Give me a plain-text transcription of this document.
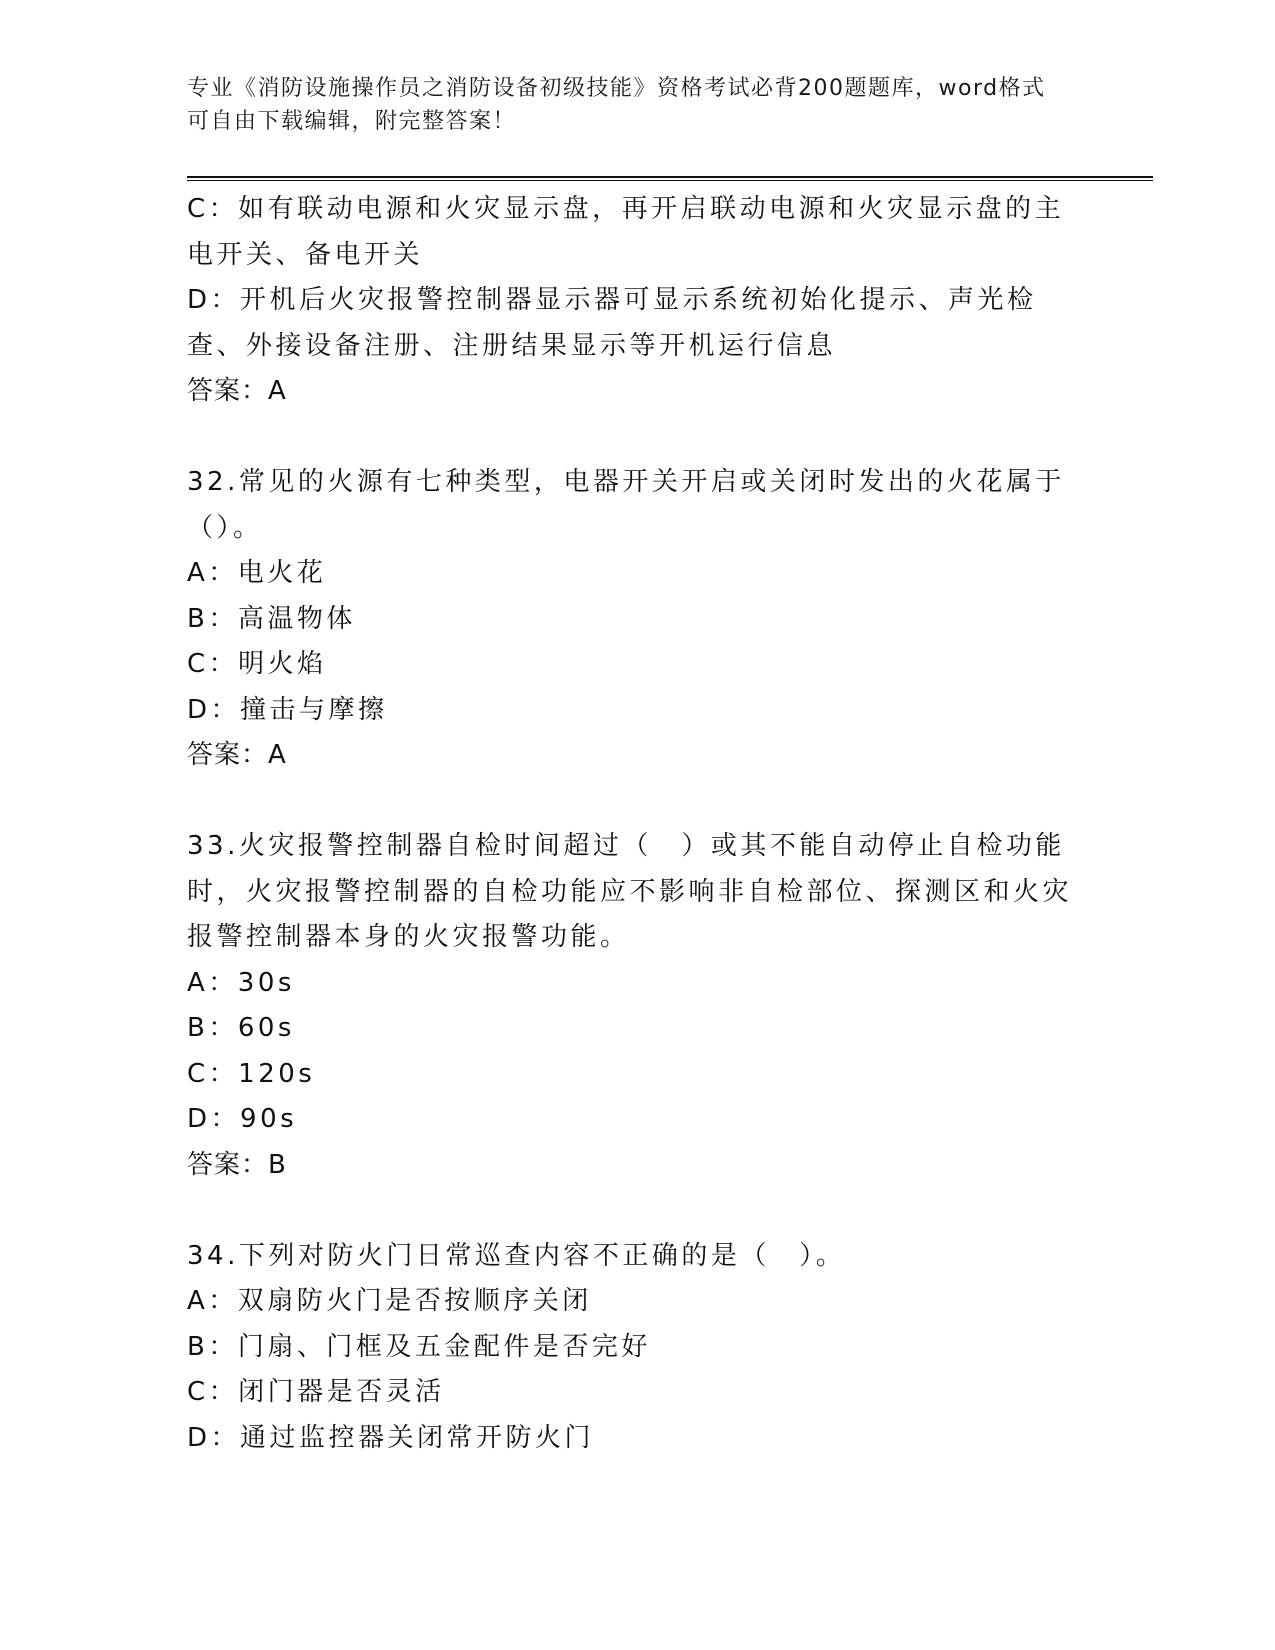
专业《消防设施操作员之消防设备初级技能》资格考试必背200题题库，word格式可自由下载编辑，附完整答案！
C：如有联动电源和火灾显示盘，再开启联动电源和火灾显示盘的主电开关、备电开关
D：开机后火灾报警控制器显示器可显示系统初始化提示、声光检查、外接设备注册、注册结果显示等开机运行信息
答案：A
32.常见的火源有七种类型，电器开关开启或关闭时发出的火花属于（）。
A：电火花
B：高温物体
C：明火焰
D：撞击与摩擦
答案：A
33.火灾报警控制器自检时间超过（　）或其不能自动停止自检功能时，火灾报警控制器的自检功能应不影响非自检部位、探测区和火灾报警控制器本身的火灾报警功能。
A：30s
B：60s
C：120s
D：90s
答案：B
34.下列对防火门日常巡查内容不正确的是（　）。
A：双扇防火门是否按顺序关闭
B：门扇、门框及五金配件是否完好
C：闭门器是否灵活
D：通过监控器关闭常开防火门
